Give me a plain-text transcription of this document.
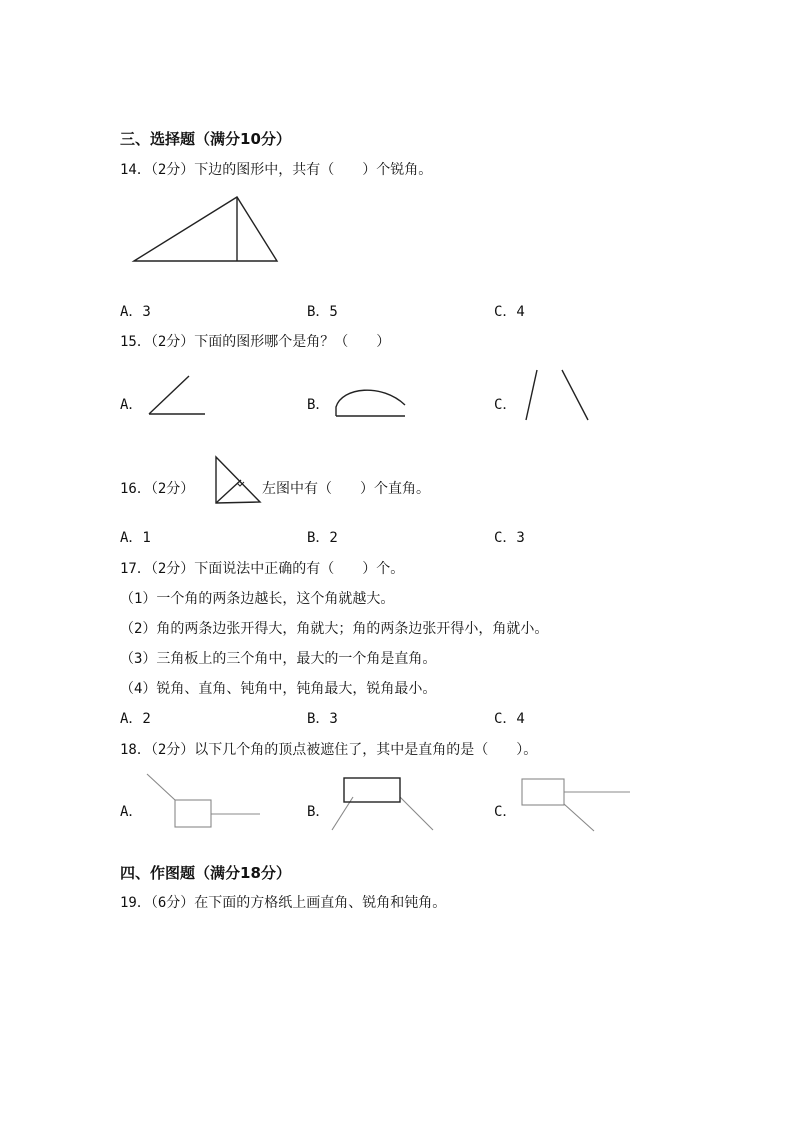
三、选择题（满分10分）
14．（2分）下边的图形中，共有（　　）个锐角。
A．3	B．5	C．4
15．（2分）下面的图形哪个是角？（　　）
A．	B．	C．
16．（2分）	左图中有（　　）个直角。
A．1	B．2	C．3
17．（2分）下面说法中正确的有（　　）个。
（1）一个角的两条边越长，这个角就越大。
（2）角的两条边张开得大，角就大；角的两条边张开得小，角就小。
（3）三角板上的三个角中，最大的一个角是直角。
（4）锐角、直角、钝角中，钝角最大，锐角最小。
A．2	B．3	C．4
18．（2分）以下几个角的顶点被遮住了，其中是直角的是（　　）。
A．	B．	C．
四、作图题（满分18分）
19．（6分）在下面的方格纸上画直角、锐角和钝角。
